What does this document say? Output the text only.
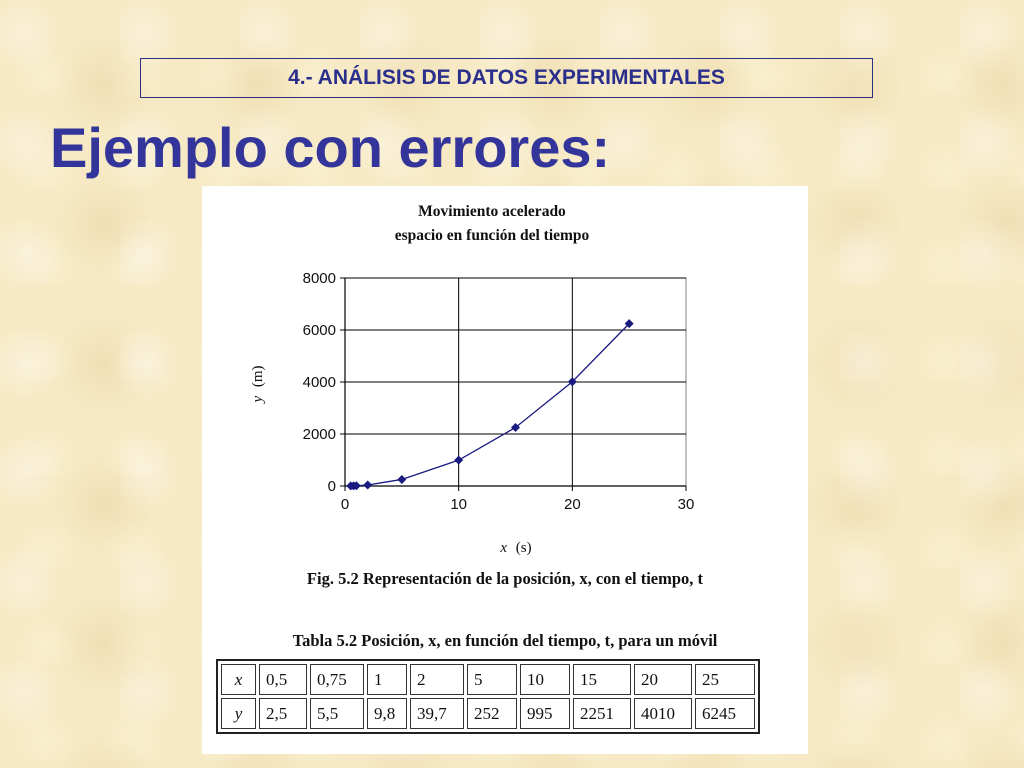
4.- ANÁLISIS DE DATOS EXPERIMENTALES
Ejemplo con errores:
Movimiento acelerado
espacio en función del tiempo
0	10	20	30
0
2000
4000
6000
8000
x (s)
y (m)
Fig. 5.2 Representación de la posición, x, con el tiempo, t
Tabla 5.2 Posición, x, en función del tiempo, t, para un móvil
x	0,5	0,75	1	2	5	10	15	20	25
y	2,5	5,5	9,8	39,7	252	995	2251	4010	6245
